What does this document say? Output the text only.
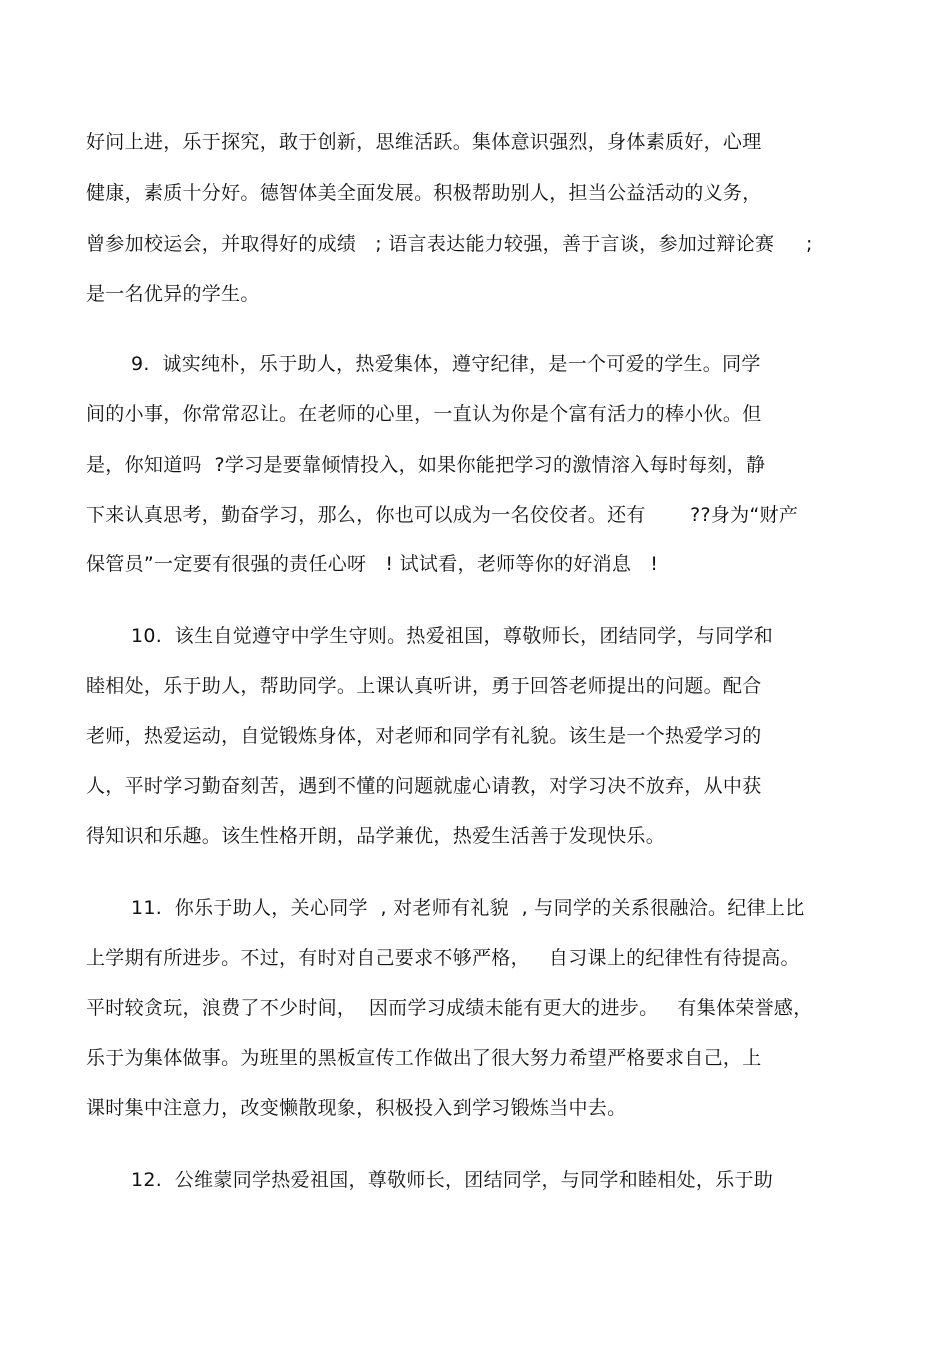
好问上进，乐于探究，敢于创新，思维活跃。集体意识强烈，身体素质好，心理
健康，素质十分好。德智体美全面发展。积极帮助别人，担当公益活动的义务，
曾参加校运会，并取得好的成绩   ; 语言表达能力较强，善于言谈，参加过辩论赛     ;
是一名优异的学生。
9.  诚实纯朴，乐于助人，热爱集体，遵守纪律，是一个可爱的学生。同学
间的小事，你常常忍让。在老师的心里，一直认为你是个富有活力的棒小伙。但
是，你知道吗  ?学习是要靠倾情投入，如果你能把学习的激情溶入每时每刻，静
下来认真思考，勤奋学习，那么，你也可以成为一名佼佼者。还有       ??身为“财产
保管员”一定要有很强的责任心呀   ! 试试看，老师等你的好消息   !
10.  该生自觉遵守中学生守则。热爱祖国，尊敬师长，团结同学，与同学和
睦相处，乐于助人，帮助同学。上课认真听讲，勇于回答老师提出的问题。配合
老师，热爱运动，自觉锻炼身体，对老师和同学有礼貌。该生是一个热爱学习的
人，平时学习勤奋刻苦，遇到不懂的问题就虚心请教，对学习决不放弃，从中获
得知识和乐趣。该生性格开朗，品学兼优，热爱生活善于发现快乐。
11.  你乐于助人，关心同学  , 对老师有礼貌  , 与同学的关系很融洽。纪律上比
上学期有所进步。不过，有时对自己要求不够严格，   自习课上的纪律性有待提高。
平时较贪玩，浪费了不少时间，  因而学习成绩未能有更大的进步。   有集体荣誉感，
乐于为集体做事。为班里的黑板宣传工作做出了很大努力希望严格要求自己，上
课时集中注意力，改变懒散现象，积极投入到学习锻炼当中去。
12.  公维蒙同学热爱祖国，尊敬师长，团结同学，与同学和睦相处，乐于助
